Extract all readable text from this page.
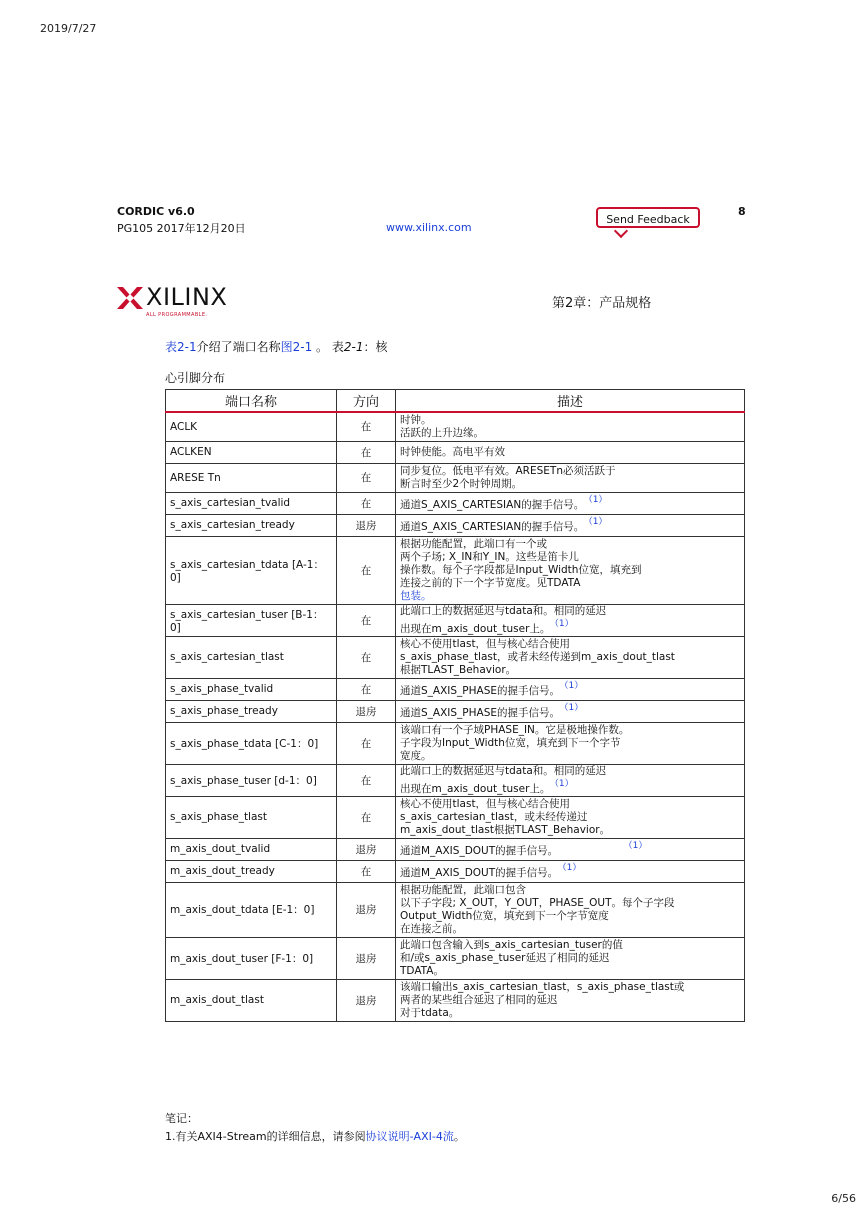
2019/7/27
CORDIC v6.0
PG105 2017年12月20日	www.xilinx.com
Send Feedback
8
XILINX
ALL PROGRAMMABLE.
第2章：产品规格
表2-1介绍了端口名称图2-1 。 表2-1：核
心引脚分布
端口名称	方向	描述
ACLK	在	时钟。
活跃的上升边缘。

ACLKEN	在	时钟使能。高电平有效

ARESE Tn	在	同步复位。低电平有效。ARESETn必须活跃于
断言时至少2个时钟周期。

s_axis_cartesian_tvalid	在	通道S_AXIS_CARTESIAN的握手信号。 （1）

s_axis_cartesian_tready	退房	通道S_AXIS_CARTESIAN的握手信号。 （1）

s_axis_cartesian_tdata [A-1：0]	在	根据功能配置，此端口有一个或
两个子场; X_IN和Y_IN。这些是笛卡儿
操作数。每个子字段都是Input_Width位宽，填充到
连接之前的下一个字节宽度。见TDATA
包装。

s_axis_cartesian_tuser [B-1：0]	在	此端口上的数据延迟与tdata和。相同的延迟
出现在m_axis_dout_tuser上。 （1）

s_axis_cartesian_tlast	在	核心不使用tlast，但与核心结合使用
s_axis_phase_tlast，或者未经传递到m_axis_dout_tlast
根据TLAST_Behavior。

s_axis_phase_tvalid	在	通道S_AXIS_PHASE的握手信号。 （1）

s_axis_phase_tready	退房	通道S_AXIS_PHASE的握手信号。 （1）

s_axis_phase_tdata [C-1：0]	在	该端口有一个子域PHASE_IN。它是极地操作数。
子字段为Input_Width位宽，填充到下一个字节
宽度。

s_axis_phase_tuser [d-1：0]	在	此端口上的数据延迟与tdata和。相同的延迟
出现在m_axis_dout_tuser上。 （1）

s_axis_phase_tlast	在	核心不使用tlast，但与核心结合使用
s_axis_cartesian_tlast，或未经传递过
m_axis_dout_tlast根据TLAST_Behavior。

m_axis_dout_tvalid	退房	通道M_AXIS_DOUT的握手信号。 （1）

m_axis_dout_tready	在	通道M_AXIS_DOUT的握手信号。 （1）

m_axis_dout_tdata [E-1：0]	退房	根据功能配置，此端口包含
以下子字段; X_OUT，Y_OUT，PHASE_OUT。每个子字段
Output_Width位宽，填充到下一个字节宽度
在连接之前。

m_axis_dout_tuser [F-1：0]	退房	此端口包含输入到s_axis_cartesian_tuser的值
和/或s_axis_phase_tuser延迟了相同的延迟
TDATA。

m_axis_dout_tlast	退房	该端口输出s_axis_cartesian_tlast，s_axis_phase_tlast或
两者的某些组合延迟了相同的延迟
对于tdata。
笔记：
1.有关AXI4-Stream的详细信息，请参阅协议说明-AXI-4流。
6/56
